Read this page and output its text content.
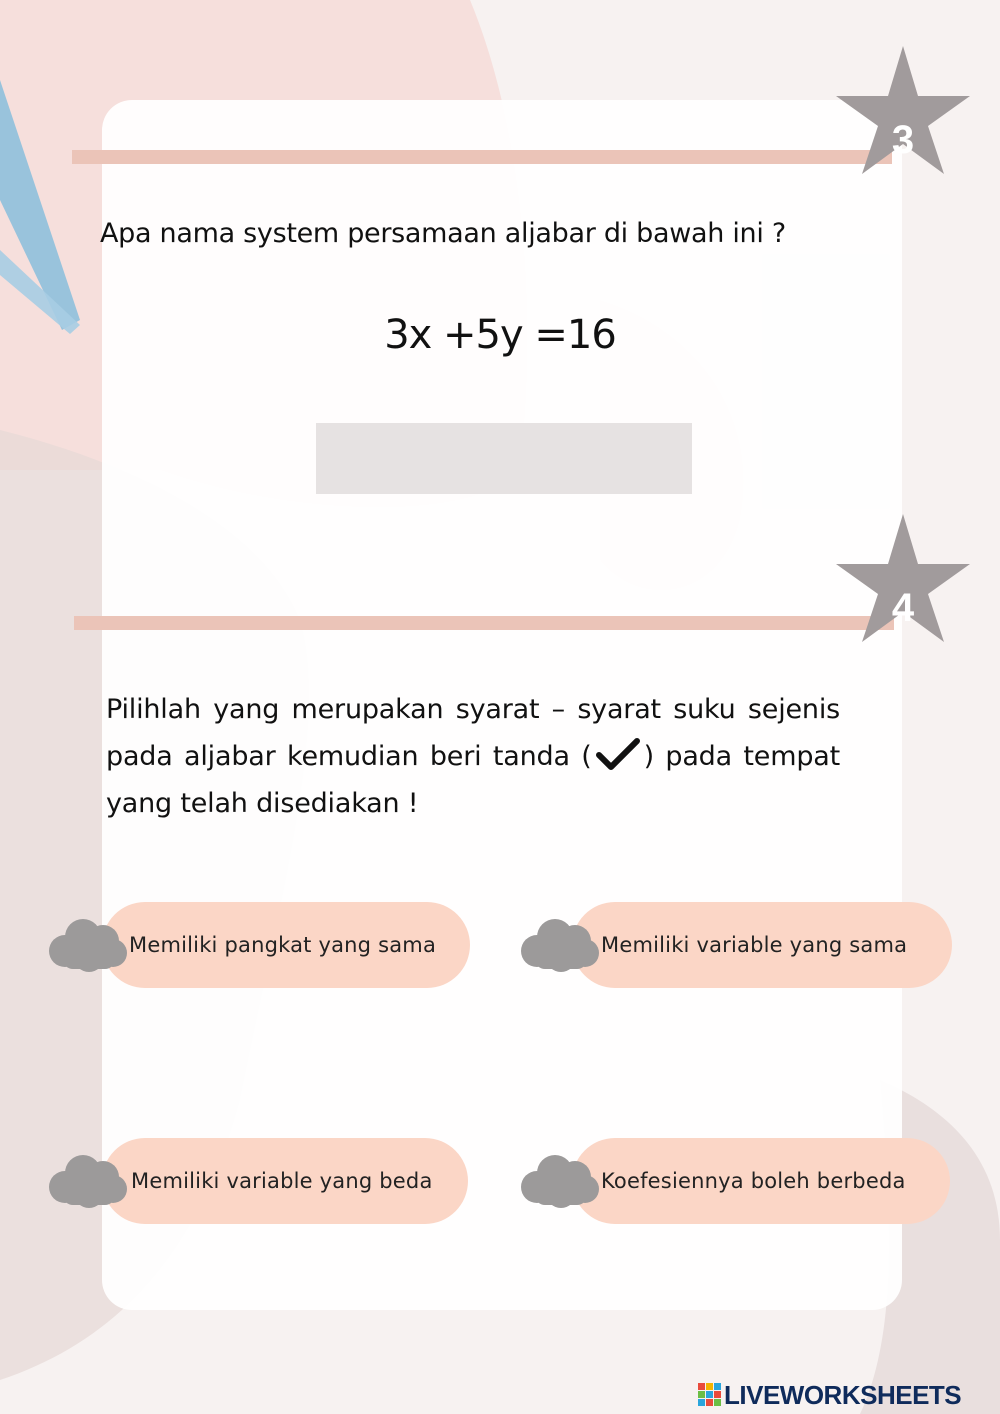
3
Apa nama system persamaan aljabar di bawah ini ?
3x +5y =16
4
Pilihlah yang merupakan syarat – syarat suku sejenis pada aljabar kemudian beri tanda ( ) pada tempat yang telah disediakan !
Memiliki pangkat yang sama	Memiliki variable yang sama
Memiliki variable yang beda	Koefesiennya boleh berbeda
LIVEWORKSHEETS
